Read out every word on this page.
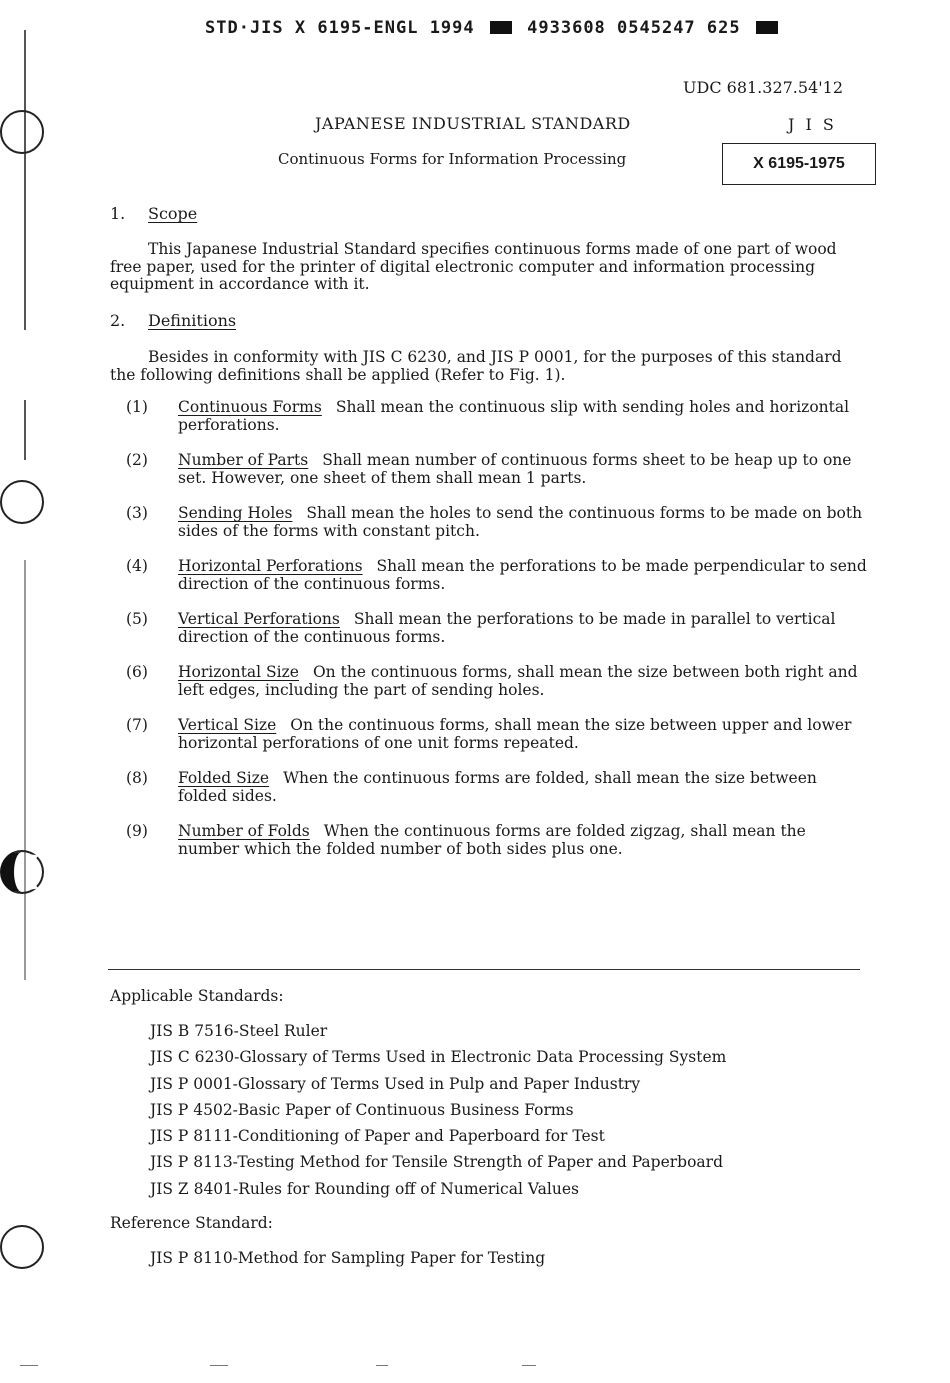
STD·JIS X 6195-ENGL 1994	4933608 0545247 625
UDC 681.327.54'12
JAPANESE INDUSTRIAL STANDARD	J I S
Continuous Forms for Information Processing	X 6195-1975
1. Scope
This Japanese Industrial Standard specifies continuous forms made of one part of wood free paper, used for the printer of digital electronic computer and information processing equipment in accordance with it.
2. Definitions
Besides in conformity with JIS C 6230, and JIS P 0001, for the purposes of this standard the following definitions shall be applied (Refer to Fig. 1).
(1) Continuous Forms Shall mean the continuous slip with sending holes and horizontal perforations.
(2) Number of Parts Shall mean number of continuous forms sheet to be heap up to one set. However, one sheet of them shall mean 1 parts.
(3) Sending Holes Shall mean the holes to send the continuous forms to be made on both sides of the forms with constant pitch.
(4) Horizontal Perforations Shall mean the perforations to be made perpendicular to send direction of the continuous forms.
(5) Vertical Perforations Shall mean the perforations to be made in parallel to vertical direction of the continuous forms.
(6) Horizontal Size On the continuous forms, shall mean the size between both right and left edges, including the part of sending holes.
(7) Vertical Size On the continuous forms, shall mean the size between upper and lower horizontal perforations of one unit forms repeated.
(8) Folded Size When the continuous forms are folded, shall mean the size between folded sides.
(9) Number of Folds When the continuous forms are folded zigzag, shall mean the number which the folded number of both sides plus one.
Applicable Standards:
JIS B 7516-Steel Ruler
JIS C 6230-Glossary of Terms Used in Electronic Data Processing System
JIS P 0001-Glossary of Terms Used in Pulp and Paper Industry
JIS P 4502-Basic Paper of Continuous Business Forms
JIS P 8111-Conditioning of Paper and Paperboard for Test
JIS P 8113-Testing Method for Tensile Strength of Paper and Paperboard
JIS Z 8401-Rules for Rounding off of Numerical Values
Reference Standard:
JIS P 8110-Method for Sampling Paper for Testing
